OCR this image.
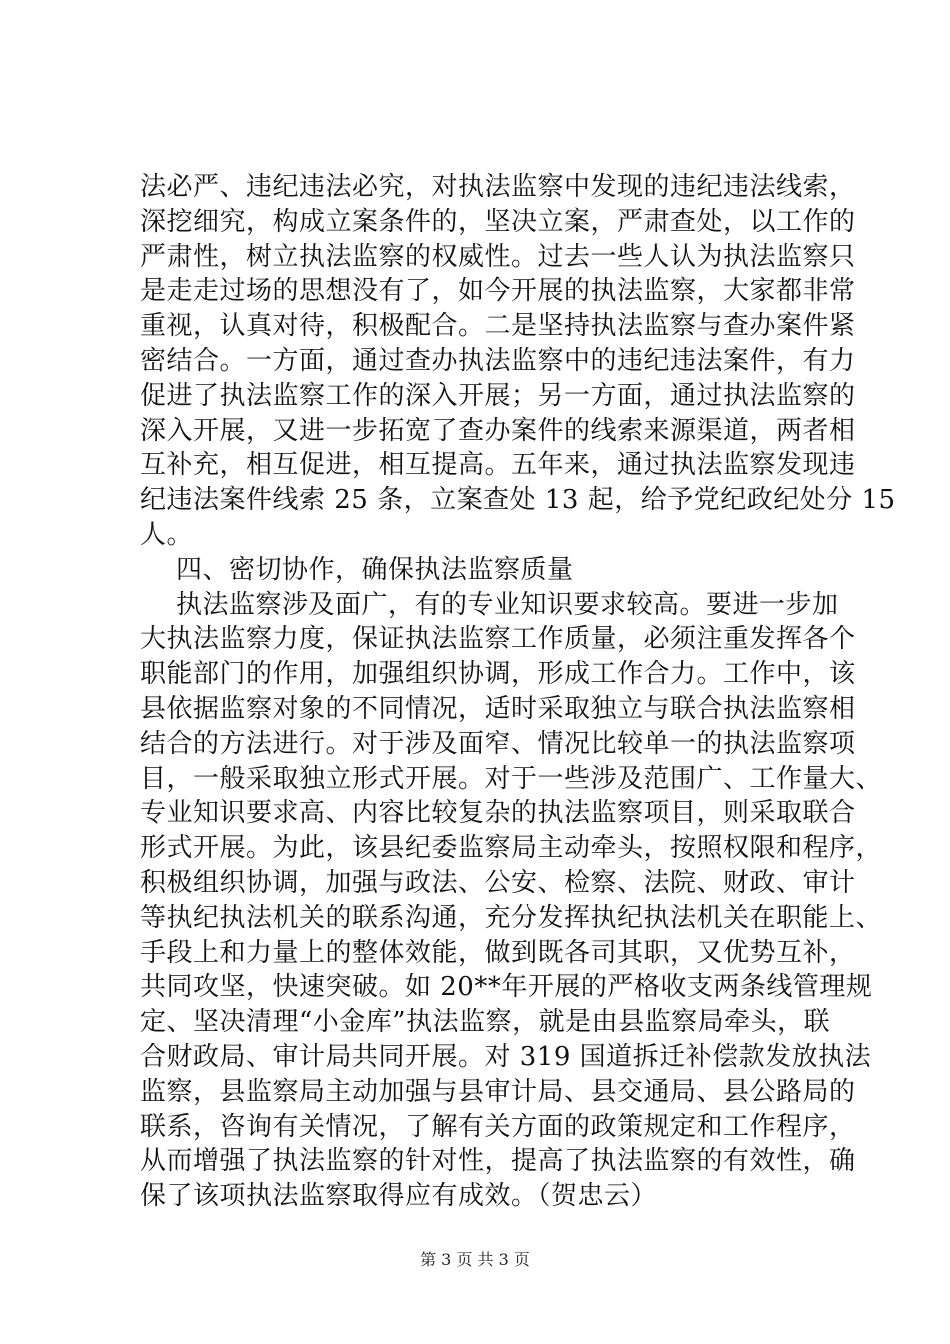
法必严、违纪违法必究，对执法监察中发现的违纪违法线索，
深挖细究，构成立案条件的，坚决立案，严肃查处，以工作的
严肃性，树立执法监察的权威性。过去一些人认为执法监察只
是走走过场的思想没有了，如今开展的执法监察，大家都非常
重视，认真对待，积极配合。二是坚持执法监察与查办案件紧
密结合。一方面，通过查办执法监察中的违纪违法案件，有力
促进了执法监察工作的深入开展；另一方面，通过执法监察的
深入开展，又进一步拓宽了查办案件的线索来源渠道，两者相
互补充，相互促进，相互提高。五年来，通过执法监察发现违
纪违法案件线索 25 条，立案查处 13 起，给予党纪政纪处分 15
人。
四、密切协作，确保执法监察质量
执法监察涉及面广，有的专业知识要求较高。要进一步加
大执法监察力度，保证执法监察工作质量，必须注重发挥各个
职能部门的作用，加强组织协调，形成工作合力。工作中，该
县依据监察对象的不同情况，适时采取独立与联合执法监察相
结合的方法进行。对于涉及面窄、情况比较单一的执法监察项
目，一般采取独立形式开展。对于一些涉及范围广、工作量大、
专业知识要求高、内容比较复杂的执法监察项目，则采取联合
形式开展。为此，该县纪委监察局主动牵头，按照权限和程序，
积极组织协调，加强与政法、公安、检察、法院、财政、审计
等执纪执法机关的联系沟通，充分发挥执纪执法机关在职能上、
手段上和力量上的整体效能，做到既各司其职，又优势互补，
共同攻坚，快速突破。如 20**年开展的严格收支两条线管理规
定、坚决清理“小金库”执法监察，就是由县监察局牵头，联
合财政局、审计局共同开展。对 319 国道拆迁补偿款发放执法
监察，县监察局主动加强与县审计局、县交通局、县公路局的
联系，咨询有关情况，了解有关方面的政策规定和工作程序，
从而增强了执法监察的针对性，提高了执法监察的有效性，确
保了该项执法监察取得应有成效。（贺忠云）
第 3 页 共 3 页
